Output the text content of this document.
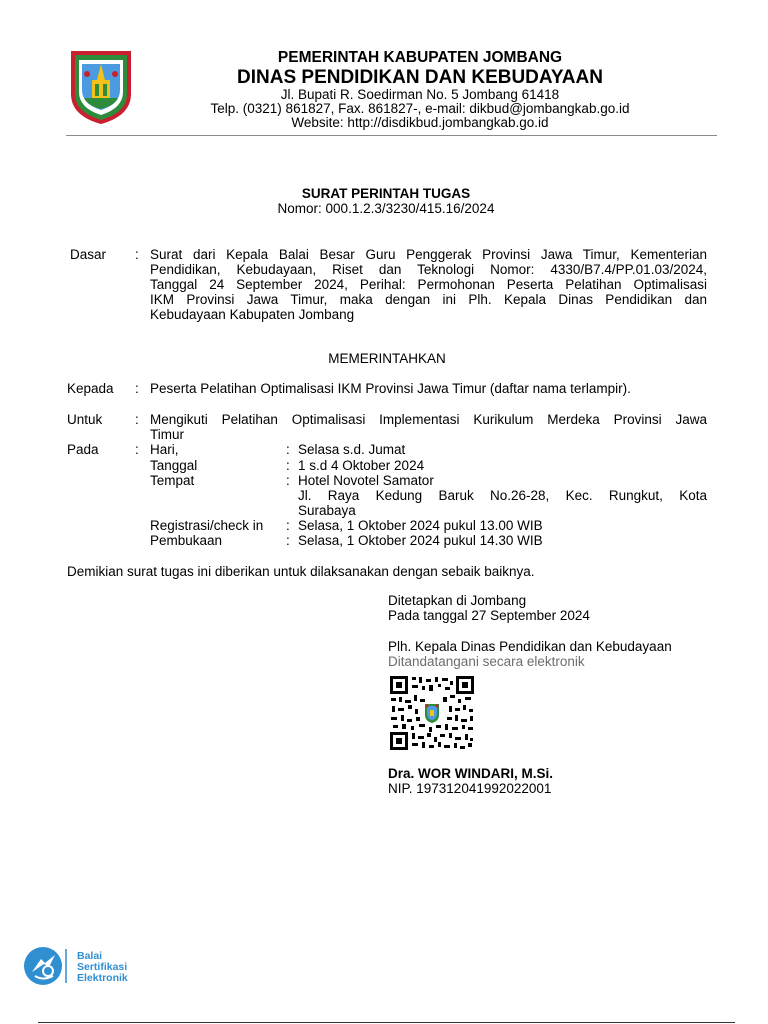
PEMERINTAH KABUPATEN JOMBANG
DINAS PENDIDIKAN DAN KEBUDAYAAN
Jl. Bupati R. Soedirman No. 5 Jombang 61418
Telp. (0321) 861827, Fax. 861827-, e-mail: dikbud@jombangkab.go.id
Website: http://disdikbud.jombangkab.go.id
SURAT PERINTAH TUGAS
Nomor: 000.1.2.3/3230/415.16/2024
Dasar : Surat dari Kepala Balai Besar Guru Penggerak Provinsi Jawa Timur, Kementerian
Pendidikan, Kebudayaan, Riset dan Teknologi Nomor: 4330/B7.4/PP.01.03/2024,
Tanggal 24 September 2024, Perihal: Permohonan Peserta Pelatihan Optimalisasi
IKM Provinsi Jawa Timur, maka dengan ini Plh. Kepala Dinas Pendidikan dan
Kebudayaan Kabupaten Jombang
MEMERINTAHKAN
Kepada : Peserta Pelatihan Optimalisasi IKM Provinsi Jawa Timur (daftar nama terlampir).
Untuk : Mengikuti Pelatihan Optimalisasi Implementasi Kurikulum Merdeka Provinsi Jawa
Timur
Pada	: Hari,	: Selasa s.d. Jumat
Tanggal	: 1 s.d 4 Oktober 2024
Tempat	: Hotel Novotel Samator
Jl. Raya Kedung Baruk No.26-28, Kec. Rungkut, Kota
Surabaya
Registrasi/check in : Selasa, 1 Oktober 2024 pukul 13.00 WIB
Pembukaan	: Selasa, 1 Oktober 2024 pukul 14.30 WIB
Demikian surat tugas ini diberikan untuk dilaksanakan dengan sebaik baiknya.
Ditetapkan di Jombang
Pada tanggal 27 September 2024
Plh. Kepala Dinas Pendidikan dan Kebudayaan
Ditandatangani secara elektronik
Dra. WOR WINDARI, M.Si.
NIP. 197312041992022001
Balai
Sertifikasi
Elektronik
